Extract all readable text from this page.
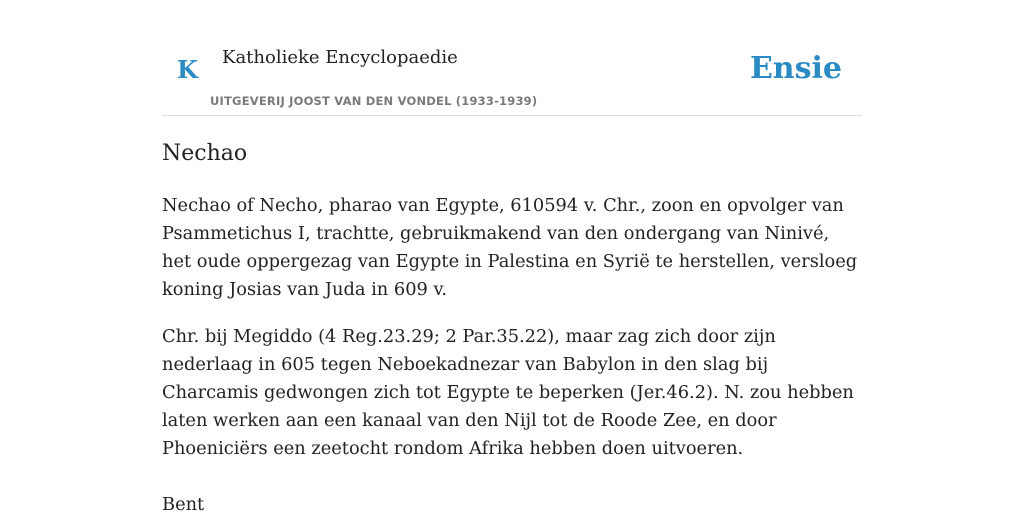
K Katholieke Encyclopaedie
UITGEVERIJ JOOST VAN DEN VONDEL (1933-1939)
Ensie
Nechao

Nechao of Necho, pharao van Egypte, 610594 v. Chr., zoon en opvolger van Psammetichus I, trachtte, gebruikmakend van den ondergang van Ninivé, het oude oppergezag van Egypte in Palestina en Syrië te herstellen, versloeg koning Josias van Juda in 609 v.

Chr. bij Megiddo (4 Reg.23.29; 2 Par.35.22), maar zag zich door zijn nederlaag in 605 tegen Neboekadnezar van Babylon in den slag bij Charcamis gedwongen zich tot Egypte te beperken (Jer.46.2). N. zou hebben laten werken aan een kanaal van den Nijl tot de Roode Zee, en door Phoeniciërs een zeetocht rondom Afrika hebben doen uitvoeren.

Bent
